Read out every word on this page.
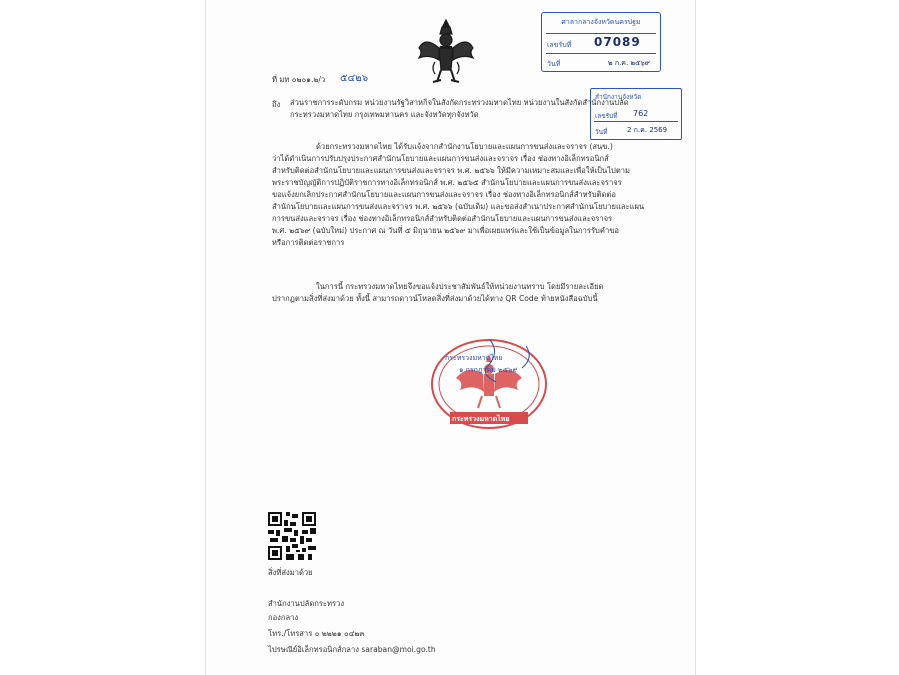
ที่ มท ๐๒๐๑.๒/ว ๕๔๒๖
ศาลากลางจังหวัดนครปฐม
เลขรับที่ 07089
วันที่	๒ ก.ค. ๒๕๖๙
สำนักงานจังหวัด
เลขรับที่ 762
วันที่	2 ก.ค. 2569
ถึง ส่วนราชการระดับกรม หน่วยงานรัฐวิสาหกิจในสังกัดกระทรวงมหาดไทย หน่วยงานในสังกัดสำนักงานปลัด
กระทรวงมหาดไทย กรุงเทพมหานคร และจังหวัดทุกจังหวัด
ด้วยกระทรวงมหาดไทย ได้รับแจ้งจากสำนักงานโยบายและแผนการขนส่งและจราจร (สนข.)
ว่าได้ดำเนินการปรับปรุงประกาศสำนักนโยบายและแผนการขนส่งและจราจร เรื่อง ช่องทางอิเล็กทรอนิกส์
สำหรับติดต่อสำนักนโยบายและแผนการขนส่งและจราจร พ.ศ. ๒๕๖๖ ให้มีความเหมาะสมและเพื่อให้เป็นไปตาม
พระราชบัญญัติการปฏิบัติราชการทางอิเล็กทรอนิกส์ พ.ศ. ๒๕๖๕ สำนักนโยบายและแผนการขนส่งและจราจร
ขอแจ้งยกเลิกประกาศสำนักนโยบายและแผนการขนส่งและจราจร เรื่อง ช่องทางอิเล็กทรอนิกส์สำหรับติดต่อ
สำนักนโยบายและแผนการขนส่งและจราจร พ.ศ. ๒๕๖๖ (ฉบับเดิม) และขอส่งสำเนาประกาศสำนักนโยบายและแผน
การขนส่งและจราจร เรื่อง ช่องทางอิเล็กทรอนิกส์สำหรับติดต่อสำนักนโยบายและแผนการขนส่งและจราจร
พ.ศ. ๒๕๖๙ (ฉบับใหม่) ประกาศ ณ วันที่ ๕ มิถุนายน ๒๕๖๙ มาเพื่อเผยแพร่และใช้เป็นข้อมูลในการรับคำขอ
หรือการติดต่อราชการ
ในการนี้ กระทรวงมหาดไทยจึงขอแจ้งประชาสัมพันธ์ให้หน่วยงานทราบ โดยมีรายละเอียด
ปรากฏตามสิ่งที่ส่งมาด้วย ทั้งนี้ สามารถดาวน์โหลดสิ่งที่ส่งมาด้วยได้ทาง QR Code ท้ายหนังสือฉบับนี้
กระทรวงมหาดไทย
๑ กรกฎาคม ๒๕๖๙
กระทรวงมหาดไทย
สิ่งที่ส่งมาด้วย
สำนักงานปลัดกระทรวง
กองกลาง
โทร./โทรสาร ๐ ๒๒๒๑ ๐๔๒๓
ไปรษณีย์อิเล็กทรอนิกส์กลาง saraban@moi.go.th
